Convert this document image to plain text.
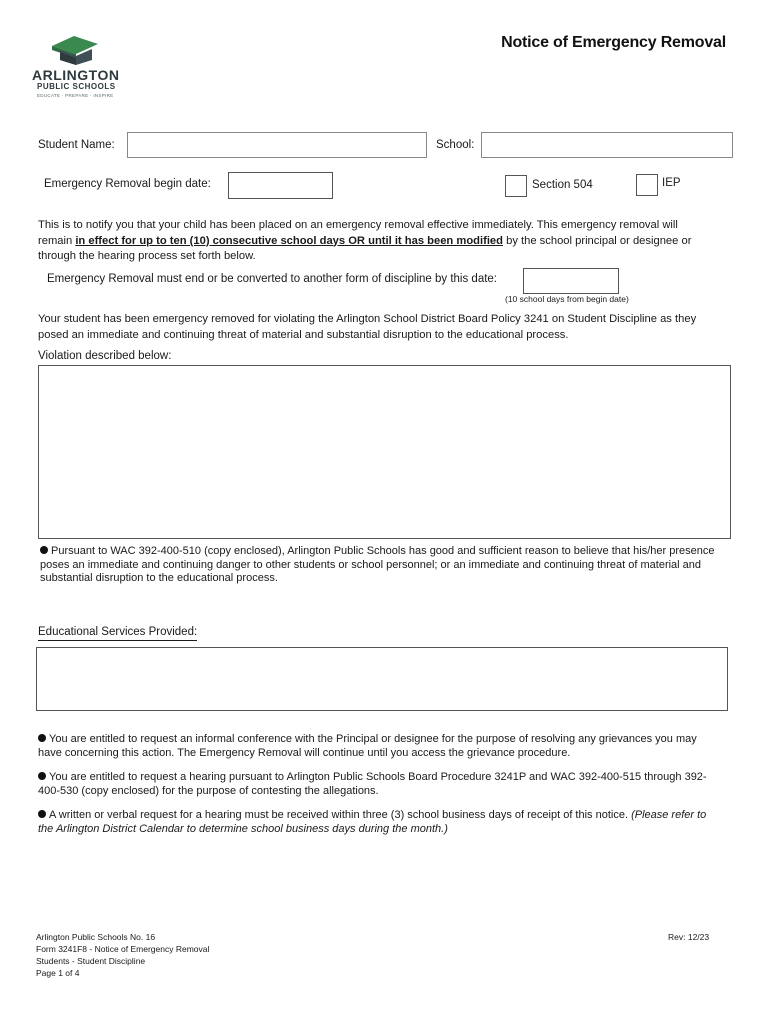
ARLINGTON
PUBLIC SCHOOLS
EDUCATE · PREPARE · INSPIRE
Notice of Emergency Removal
Student Name:	School:
Emergency Removal begin date:	Section 504	IEP
This is to notify you that your child has been placed on an emergency removal effective immediately. This emergency removal will remain in effect for up to ten (10) consecutive school days OR until it has been modified by the school principal or designee or through the hearing process set forth below.
Emergency Removal must end or be converted to another form of discipline by this date:
(10 school days from begin date)
Your student has been emergency removed for violating the Arlington School District Board Policy 3241 on Student Discipline as they posed an immediate and continuing threat of material and substantial disruption to the educational process.
Violation described below:
Pursuant to WAC 392-400-510 (copy enclosed), Arlington Public Schools has good and sufficient reason to believe that his/her presence poses an immediate and continuing danger to other students or school personnel; or an immediate and continuing threat of material and substantial disruption to the educational process.
Educational Services Provided:
You are entitled to request an informal conference with the Principal or designee for the purpose of resolving any grievances you may have concerning this action. The Emergency Removal will continue until you access the grievance procedure.
You are entitled to request a hearing pursuant to Arlington Public Schools Board Procedure 3241P and WAC 392-400-515 through 392-400-530 (copy enclosed) for the purpose of contesting the allegations.
A written or verbal request for a hearing must be received within three (3) school business days of receipt of this notice. (Please refer to the Arlington District Calendar to determine school business days during the month.)
Arlington Public Schools No. 16
Form 3241F8 - Notice of Emergency Removal
Students - Student Discipline
Page 1 of 4
Rev: 12/23
